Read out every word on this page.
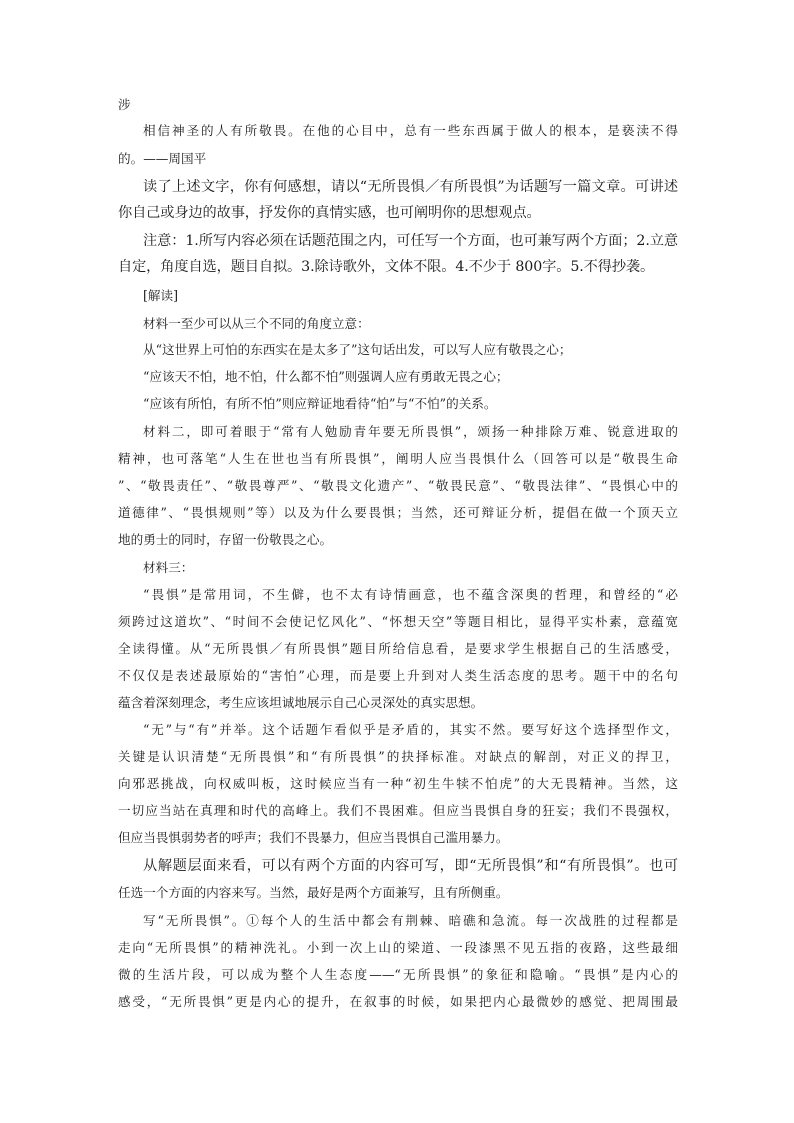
涉
相信神圣的人有所敬畏。在他的心目中，总有一些东西属于做人的根本，是亵渎不得
的。——周国平
读了上述文字，你有何感想，请以“无所畏惧／有所畏惧”为话题写一篇文章。可讲述
你自己或身边的故事，抒发你的真情实感，也可阐明你的思想观点。
注意：1.所写内容必须在话题范围之内，可任写一个方面，也可兼写两个方面；2.立意
自定，角度自选，题目自拟。3.除诗歌外，文体不限。4.不少于 800字。5.不得抄袭。
[解读]
材料一至少可以从三个不同的角度立意：
从“这世界上可怕的东西实在是太多了”这句话出发，可以写人应有敬畏之心；
“应该天不怕，地不怕，什么都不怕”则强调人应有勇敢无畏之心；
“应该有所怕，有所不怕”则应辩证地看待“怕”与“不怕”的关系。
材料二，即可着眼于“常有人勉励青年要无所畏惧”，颂扬一种排除万难、锐意进取的
精神，也可落笔“人生在世也当有所畏惧”，阐明人应当畏惧什么（回答可以是“敬畏生命
”、“敬畏责任”、“敬畏尊严”、“敬畏文化遗产”、“敬畏民意”、“敬畏法律”、“畏惧心中的
道德律”、“畏惧规则”等）以及为什么要畏惧；当然，还可辩证分析，提倡在做一个顶天立
地的勇士的同时，存留一份敬畏之心。
材料三：
“畏惧”是常用词，不生僻，也不太有诗情画意，也不蕴含深奥的哲理，和曾经的“必
须跨过这道坎”、“时间不会使记忆风化”、“怀想天空”等题目相比，显得平实朴素，意蕴宽
全读得懂。从“无所畏惧／有所畏惧”题目所给信息看，是要求学生根据自己的生活感受，
不仅仅是表述最原始的“害怕”心理，而是要上升到对人类生活态度的思考。题干中的名句
蕴含着深刻理念，考生应该坦诚地展示自己心灵深处的真实思想。
“无”与“有”并举。这个话题乍看似乎是矛盾的，其实不然。要写好这个选择型作文，
关键是认识清楚“无所畏惧”和“有所畏惧”的抉择标准。对缺点的解剖，对正义的捍卫，
向邪恶挑战，向权威叫板，这时候应当有一种“初生牛犊不怕虎”的大无畏精神。当然，这
一切应当站在真理和时代的高峰上。我们不畏困难。但应当畏惧自身的狂妄；我们不畏强权，
但应当畏惧弱势者的呼声；我们不畏暴力，但应当畏惧自己滥用暴力。
从解题层面来看，可以有两个方面的内容可写，即“无所畏惧”和“有所畏惧”。也可
任选一个方面的内容来写。当然，最好是两个方面兼写，且有所侧重。
写“无所畏惧”。①每个人的生活中都会有荆棘、暗礁和急流。每一次战胜的过程都是
走向“无所畏惧”的精神洗礼。小到一次上山的梁道、一段漆黑不见五指的夜路，这些最细
微的生活片段，可以成为整个人生态度——“无所畏惧”的象征和隐喻。“畏惧”是内心的
感受，“无所畏惧”更是内心的提升，在叙事的时候，如果把内心最微妙的感觉、把周围最
